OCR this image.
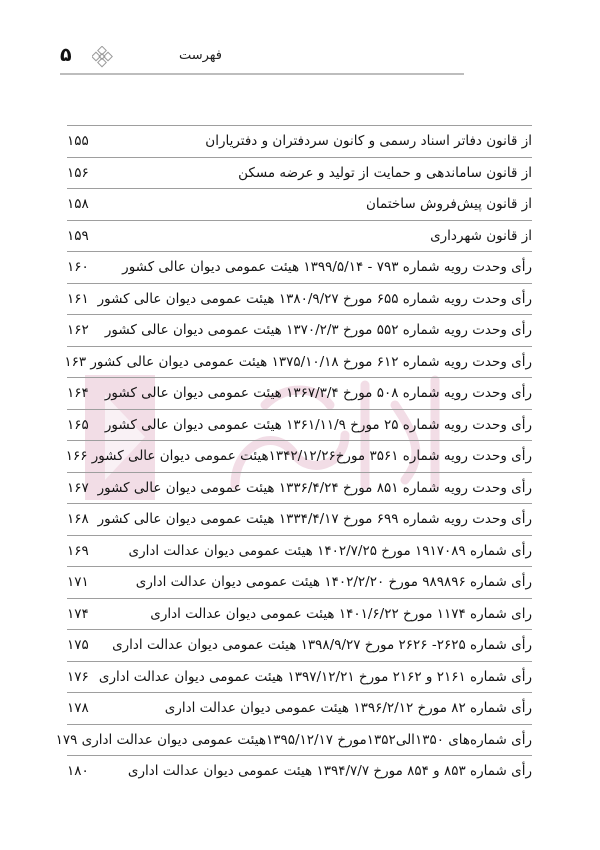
فهرست
۵
از قانون دفاتر اسناد رسمی و کانون سردفتران و دفترياران
۱۵۵
از قانون ساماندهی و حمایت از تولید و عرضه مسکن
۱۵۶
از قانون پیش‌فروش ساختمان
۱۵۸
از قانون شهرداری
۱۵۹
رأی وحدت رویه شماره ۷۹۳ - ۱۳۹۹/۵/۱۴ هیئت عمومی دیوان عالی کشور
۱۶۰
رأی وحدت رویه شماره ۶۵۵ مورخ ۱۳۸۰/۹/۲۷ هیئت عمومی دیوان عالی کشور
۱۶۱
رأی وحدت رویه شماره ۵۵۲ مورخ ۱۳۷۰/۲/۳ هیئت عمومی دیوان عالی کشور
۱۶۲
رأی وحدت رویه شماره ۶۱۲ مورخ ۱۳۷۵/۱۰/۱۸ هیئت عمومی دیوان عالی کشور
۱۶۳
رأی وحدت رویه شماره ۵۰۸ مورخ ۱۳۶۷/۳/۴ هیئت عمومی دیوان عالی کشور
۱۶۴
رأی وحدت رویه شماره ۲۵ مورخ ۱۳۶۱/۱۱/۹ هیئت عمومی دیوان عالی کشور
۱۶۵
رأی وحدت رویه شماره ۳۵۶۱ مورخ۱۳۴۲/۱۲/۲۶هیئت عمومی دیوان عالی کشور
۱۶۶
رأی وحدت رویه شماره ۸۵۱ مورخ ۱۳۳۶/۴/۲۴ هیئت عمومی دیوان عالی کشور
۱۶۷
رأی وحدت رویه شماره ۶۹۹ مورخ ۱۳۳۴/۴/۱۷ هیئت عمومی دیوان عالی کشور
۱۶۸
رأی شماره ۱۹۱۷۰۸۹ مورخ ۱۴۰۲/۷/۲۵ هیئت عمومی دیوان عدالت اداری
۱۶۹
رأی شماره ۹۸۹۸۹۶ مورخ ۱۴۰۲/۲/۲۰ هیئت عمومی دیوان عدالت اداری
۱۷۱
رای شماره ۱۱۷۴ مورخ ۱۴۰۱/۶/۲۲ هیئت عمومی دیوان عدالت اداری
۱۷۴
رأی شماره ۲۶۲۵- ۲۶۲۶ مورخ ۱۳۹۸/۹/۲۷ هیئت عمومی دیوان عدالت اداری
۱۷۵
رأی شماره ۲۱۶۱ و ۲۱۶۲ مورخ ۱۳۹۷/۱۲/۲۱ هیئت عمومی دیوان عدالت اداری
۱۷۶
رأی شماره ۸۲ مورخ ۱۳۹۶/۲/۱۲ هیئت عمومی دیوان عدالت اداری
۱۷۸
رأی شماره‌های ۱۳۵۰الی۱۳۵۲مورخ ۱۳۹۵/۱۲/۱۷هیئت عمومی دیوان عدالت اداری
۱۷۹
رأی شماره ۸۵۳ و ۸۵۴ مورخ ۱۳۹۴/۷/۷ هیئت عمومی دیوان عدالت اداری
۱۸۰
